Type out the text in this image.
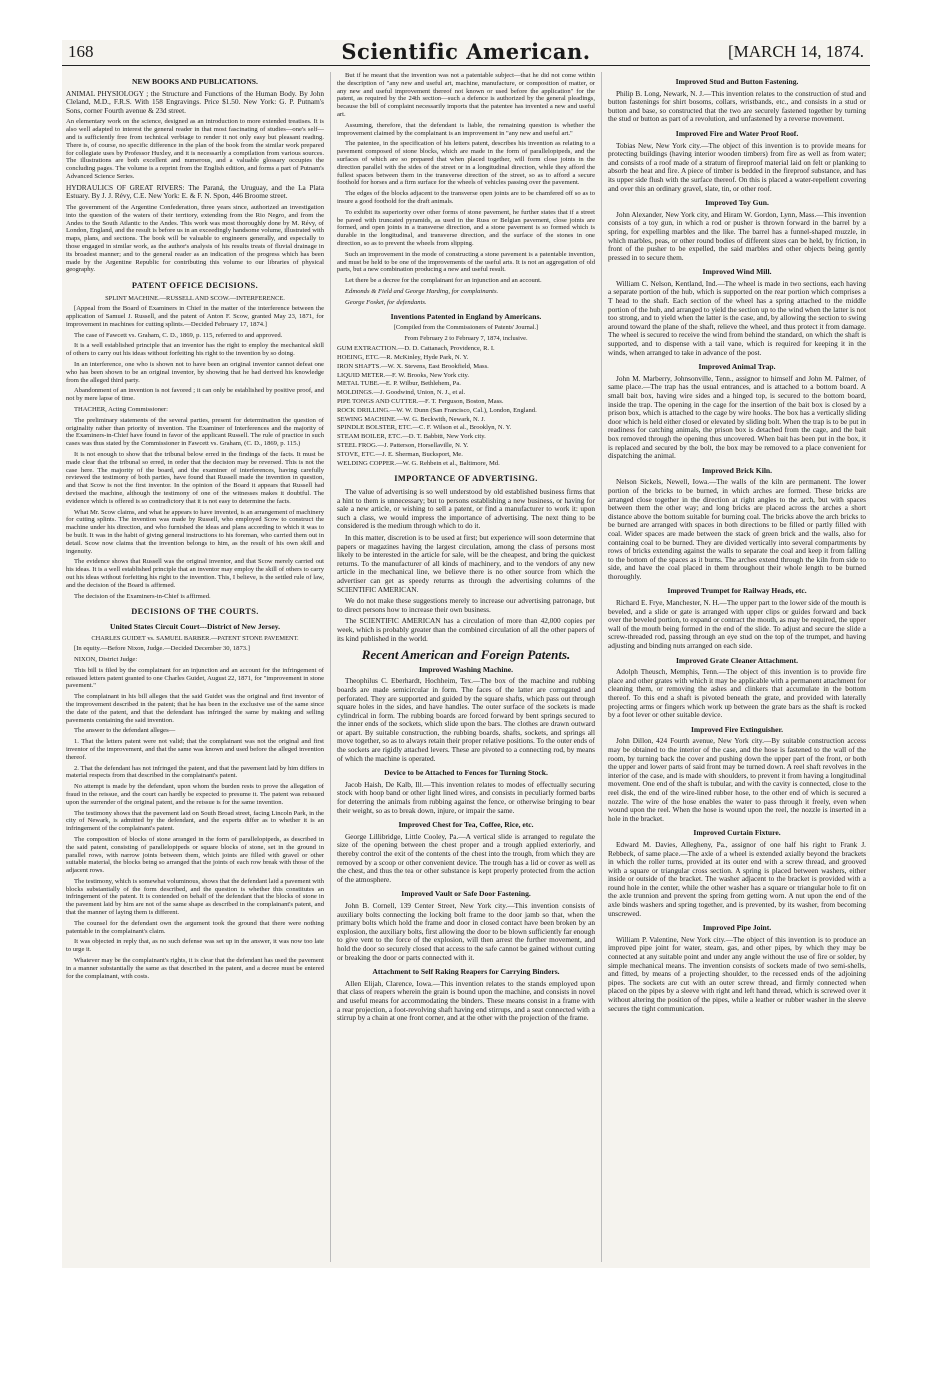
168	Scientific American.	[MARCH 14, 1874.
NEW BOOKS AND PUBLICATIONS.

ANIMAL PHYSIOLOGY ; the Structure and Functions of the Human Body. By John Cleland, M.D., F.R.S. With 158 Engravings. Price $1.50. New York: G. P. Putnam's Sons, corner Fourth avenue & 23d street.

An elementary work on the science, designed as an introduction to more extended treatises. It is also well adapted to interest the general reader in that most fascinating of studies—one's self—and is sufficiently free from technical verbiage to render it not only easy but pleasant reading. There is, of course, no specific difference in the plan of the book from the similar work prepared for collegiate uses by Professor Huxley, and it is necessarily a compilation from various sources. The illustrations are both excellent and numerous, and a valuable glossary occupies the concluding pages. The volume is a reprint from the English edition, and forms a part of Putnam's Advanced Science Series.

HYDRAULICS OF GREAT RIVERS: The Paraná, the Uruguay, and the La Plata Estuary. By J. J. Révy, C.E. New York: E. & F. N. Spon, 446 Broome street.

The government of the Argentine Confederation, three years since, authorized an investigation into the question of the waters of their territory, extending from the Rio Negro, and from the Andes to the South Atlantic to the Andes. This work was most thoroughly done by M. Révy, of London, England, and the result is before us in an exceedingly handsome volume, illustrated with maps, plans, and sections. The book will be valuable to engineers generally, and especially to those engaged in similar work, as the author's analysis of his results treats of fluvial drainage in its broadest manner; and to the general reader as an indication of the progress which has been made by the Argentine Republic for contributing this volume to our libraries of physical geography.

PATENT OFFICE DECISIONS.
SPLINT MACHINE.—RUSSELL AND SCOW.—INTERFERENCE.

[Appeal from the Board of Examiners in Chief in the matter of the interference between the application of Samuel J. Russell, and the patent of Anton F. Scow, granted May 23, 1871, for improvement in machines for cutting splints.—Decided February 17, 1874.]

The case of Fawcett vs. Graham, C. D., 1869, p. 115, referred to and approved.

It is a well established principle that an inventor has the right to employ the mechanical skill of others to carry out his ideas without forfeiting his right to the invention by so doing.

In an interference, one who is shown not to have been an original inventor cannot defeat one who has been shown to be an original inventor, by showing that he had derived his knowledge from the alleged third party.

Abandonment of an invention is not favored ; it can only be established by positive proof, and not by mere lapse of time.

THACHER, Acting Commissioner:

The preliminary statements of the several parties, present for determination the question of originality rather than priority of invention. The Examiner of Interferences and the majority of the Examiners-in-Chief have found in favor of the applicant Russell. The rule of practice in such cases was thus stated by the Commissioner in Fawcett vs. Graham, (C. D., 1869, p. 115.)

It is not enough to show that the tribunal below erred in the findings of the facts. It must be made clear that the tribunal so erred, in order that the decision may be reversed. This is not the case here. The majority of the board, and the examiner of interferences, having carefully reviewed the testimony of both parties, have found that Russell made the invention in question, and that Scow is not the first inventor. In the opinion of the Board it appears that Russell had devised the machine, although the testimony of one of the witnesses makes it doubtful. The evidence which is offered is so contradictory that it is not easy to determine the facts.

What Mr. Scow claims, and what he appears to have invented, is an arrangement of machinery for cutting splints. The invention was made by Russell, who employed Scow to construct the machine under his direction, and who furnished the ideas and plans according to which it was to be built. It was in the habit of giving general instructions to his foreman, who carried them out in detail. Scow now claims that the invention belongs to him, as the result of his own skill and ingenuity.

The evidence shows that Russell was the original inventor, and that Scow merely carried out his ideas. It is a well established principle that an inventor may employ the skill of others to carry out his ideas without forfeiting his right to the invention. This, I believe, is the settled rule of law, and the decision of the Board is affirmed.

The decision of the Examiners-in-Chief is affirmed.

DECISIONS OF THE COURTS.
United States Circuit Court---District of New Jersey.
CHARLES GUIDET vs. SAMUEL BARBER.—PATENT STONE PAVEMENT.

[In equity.—Before Nixon, Judge.—Decided December 30, 1873.]

NIXON, District Judge:

This bill is filed by the complainant for an injunction and an account for the infringement of reissued letters patent granted to one Charles Guidet, August 22, 1871, for "improvement in stone pavement."

The complainant in his bill alleges that the said Guidet was the original and first inventor of the improvement described in the patent; that he has been in the exclusive use of the same since the date of the patent, and that the defendant has infringed the same by making and selling pavements containing the said invention.

The answer to the defendant alleges—

1. That the letters patent were not valid; that the complainant was not the original and first inventor of the improvement, and that the same was known and used before the alleged invention thereof.

2. That the defendant has not infringed the patent, and that the pavement laid by him differs in material respects from that described in the complainant's patent.

No attempt is made by the defendant, upon whom the burden rests to prove the allegation of fraud in the reissue, and the court can hardly be expected to presume it. The patent was reissued upon the surrender of the original patent, and the reissue is for the same invention.

The testimony shows that the pavement laid on South Broad street, facing Lincoln Park, in the city of Newark, is admitted by the defendant, and the experts differ as to whether it is an infringement of the complainant's patent.

The composition of blocks of stone arranged in the form of parallelopipeds, as described in the said patent, consisting of parallelopipeds or square blocks of stone, set in the ground in parallel rows, with narrow joints between them, which joints are filled with gravel or other suitable material, the blocks being so arranged that the joints of each row break with those of the adjacent rows.

The testimony, which is somewhat voluminous, shows that the defendant laid a pavement with blocks substantially of the form described, and the question is whether this constitutes an infringement of the patent. It is contended on behalf of the defendant that the blocks of stone in the pavement laid by him are not of the same shape as described in the complainant's patent, and that the manner of laying them is different.

The counsel for the defendant own the argument took the ground that there were nothing patentable in the complainant's claim.

It was objected in reply that, as no such defense was set up in the answer, it was now too late to urge it.

Whatever may be the complainant's rights, it is clear that the defendant has used the pavement in a manner substantially the same as that described in the patent, and a decree must be entered for the complainant, with costs.

But if he meant that the invention was not a patentable subject—that he did not come within the description of "any new and useful art, machine, manufacture, or composition of matter, or any new and useful improvement thereof not known or used before the application" for the patent, as required by the 24th section—such a defence is authorized by the general pleadings, because the bill of complaint necessarily imports that the patentee has invented a new and useful art.

Assuming, therefore, that the defendant is liable, the remaining question is whether the improvement claimed by the complainant is an improvement in "any new and useful art."

The patentee, in the specification of his letters patent, describes his invention as relating to a pavement composed of stone blocks, which are made in the form of parallelopipeds, and the surfaces of which are so prepared that when placed together, will form close joints in the direction parallel with the sides of the street or in a longitudinal direction, while they afford the fullest spaces between them in the transverse direction of the street, so as to afford a secure foothold for horses and a firm surface for the wheels of vehicles passing over the pavement.

The edges of the blocks adjacent to the transverse open joints are to be chamfered off so as to insure a good foothold for the draft animals.

To exhibit its superiority over other forms of stone pavement, he further states that if a street be paved with truncated pyramids, as used in the Russ or Belgian pavement, close joints are formed, and open joints in a transverse direction, and a stone pavement is so formed which is durable in the longitudinal, and transverse direction, and the surface of the stones in one direction, so as to prevent the wheels from slipping.

Such an improvement in the mode of constructing a stone pavement is a patentable invention, and must be held to be one of the improvements of the useful arts. It is not an aggregation of old parts, but a new combination producing a new and useful result.

Let there be a decree for the complainant for an injunction and an account.

Edmonds & Field and George Harding, for complainants.

George Fosket, for defendants.

Inventions Patented in England by Americans.
[Compiled from the Commissioners of Patents' Journal.]
From February 2 to February 7, 1874, inclusive.

GUM EXTRACTION.—D. D. Cattanach, Providence, R. I.

HOEING, ETC.—R. McKinley, Hyde Park, N. Y.

IRON SHAFTS.—W. X. Stevens, East Brookfield, Mass.

LIQUID METER.—F. W. Brooks, New York city.

METAL TUBE.—E. P. Wilbur, Bethlehem, Pa.

MOLDINGS.—J. Goodwind, Union, N. J., et al.

PIPE TONGS AND CUTTER.—F. T. Ferguson, Boston, Mass.

ROCK DRILLING.—W. W. Dunn (San Francisco, Cal.), London, England.

SEWING MACHINE.—W. G. Beckwith, Newark, N. J.

SPINDLE BOLSTER, ETC.—C. F. Wilson et al., Brooklyn, N. Y.

STEAM BOILER, ETC.—D. T. Babbitt, New York city.

STEEL FROG.—J. Patterson, Horsellaville, N. Y.

STOVE, ETC.—J. E. Sherman, Bucksport, Me.

WELDING COPPER.—W. G. Rehbein et al., Baltimore, Md.

IMPORTANCE OF ADVERTISING.

The value of advertising is so well understood by old established business firms that a hint to them is unnecessary; but to persons establishing a new business, or having for sale a new article, or wishing to sell a patent, or find a manufacturer to work it: upon such a class, we would impress the importance of advertising. The next thing to be considered is the medium through which to do it.

In this matter, discretion is to be used at first; but experience will soon determine that papers or magazines having the largest circulation, among the class of persons most likely to be interested in the article for sale, will be the cheapest, and bring the quickest returns. To the manufacturer of all kinds of machinery, and to the vendors of any new article in the mechanical line, we believe there is no other source from which the advertiser can get as speedy returns as through the advertising columns of the SCIENTIFIC AMERICAN.

We do not make these suggestions merely to increase our advertising patronage, but to direct persons how to increase their own business.

The SCIENTIFIC AMERICAN has a circulation of more than 42,000 copies per week, which is probably greater than the combined circulation of all the other papers of its kind published in the world.

Recent American and Foreign Patents.
Improved Washing Machine.

Theophilus C. Eberhardt, Hochheim, Tex.—The box of the machine and rubbing boards are made semicircular in form. The faces of the latter are corrugated and perforated. They are supported and guided by the square shafts, which pass out through square holes in the sides, and have handles. The outer surface of the sockets is made cylindrical in form. The rubbing boards are forced forward by bent springs secured to the inner ends of the sockets, which slide upon the bars. The clothes are drawn outward or apart. By suitable construction, the rubbing boards, shafts, sockets, and springs all move together, so as to always retain their proper relative positions. To the outer ends of the sockets are rigidly attached levers. These are pivoted to a connecting rod, by means of which the machine is operated.

Device to be Attached to Fences for Turning Stock.

Jacob Haish, De Kalb, Ill.—This invention relates to modes of effectually securing stock with hoop band or other light lined wires, and consists in peculiarly formed barbs for deterring the animals from rubbing against the fence, or otherwise bringing to bear their weight, so as to break down, injure, or impair the same.

Improved Chest for Tea, Coffee, Rice, etc.

George Lillibridge, Little Cooley, Pa.—A vertical slide is arranged to regulate the size of the opening between the chest proper and a trough applied exteriorly, and thereby control the exit of the contents of the chest into the trough, from which they are removed by a scoop or other convenient device. The trough has a lid or cover as well as the chest, and thus the tea or other substance is kept properly protected from the action of the atmosphere.

Improved Vault or Safe Door Fastening.

John B. Cornell, 139 Center Street, New York city.—This invention consists of auxiliary bolts connecting the locking bolt frame to the door jamb so that, when the primary bolts which hold the frame and door in closed contact have been broken by an explosion, the auxiliary bolts, first allowing the door to be blown sufficiently far enough to give vent to the force of the explosion, will then arrest the further movement, and hold the door so securely closed that access to the safe cannot be gained without cutting or breaking the door or parts connected with it.

Attachment to Self Raking Reapers for Carrying Binders.

Allen Elijah, Clarence, Iowa.—This invention relates to the stands employed upon that class of reapers wherein the grain is bound upon the machine, and consists in novel and useful means for accommodating the binders. These means consist in a frame with a rear projection, a foot-revolving shaft having end stirrups, and a seat connected with a stirrup by a chain at one front corner, and at the other with the projection of the frame.

Improved Stud and Button Fastening.

Philip B. Long, Newark, N. J.—This invention relates to the construction of stud and button fastenings for shirt bosoms, collars, wristbands, etc., and consists in a stud or button and base, so constructed that the two are securely fastened together by turning the stud or button as part of a revolution, and unfastened by a reverse movement.

Improved Fire and Water Proof Roof.

Tobias New, New York city.—The object of this invention is to provide means for protecting buildings (having interior wooden timbers) from fire as well as from water; and consists of a roof made of a stratum of fireproof material laid on felt or planking to absorb the heat and fire. A piece of timber is bedded in the fireproof substance, and has its upper side flush with the surface thereof. On this is placed a water-repellent covering and over this an ordinary gravel, slate, tin, or other roof.

Improved Toy Gun.

John Alexander, New York city, and Hiram W. Gordon, Lynn, Mass.—This invention consists of a toy gun, in which a rod or pusher is thrown forward in the barrel by a spring, for expelling marbles and the like. The barrel has a funnel-shaped muzzle, in which marbles, peas, or other round bodies of different sizes can be held, by friction, in front of the pusher to be expelled, the said marbles and other objects being gently pressed in to secure them.

Improved Wind Mill.

William C. Nelson, Kentland, Ind.—The wheel is made in two sections, each having a separate portion of the hub, which is supported on the rear portion which comprises a T head to the shaft. Each section of the wheel has a spring attached to the middle portion of the hub, and arranged to yield the section up to the wind when the latter is not too strong, and to yield when the latter is the case, and, by allowing the section to swing around toward the plane of the shaft, relieve the wheel, and thus protect it from damage. The wheel is secured to receive the wind from behind the standard, on which the shaft is supported, and to dispense with a tail vane, which is required for keeping it in the winds, when arranged to take in advance of the post.

Improved Animal Trap.

John M. Marberry, Johnsonville, Tenn., assignor to himself and John M. Palmer, of same place.—The trap has the usual entrances, and is attached to a bottom board. A small bait box, having wire sides and a hinged top, is secured to the bottom board, inside the trap. The opening in the cage for the insertion of the bait box is closed by a prison box, which is attached to the cage by wire hooks. The box has a vertically sliding door which is held either closed or elevated by sliding bolt. When the trap is to be put in readiness for catching animals, the prison box is detached from the cage, and the bait box removed through the opening thus uncovered. When bait has been put in the box, it is replaced and secured by the bolt, the box may be removed to a place convenient for dispatching the animal.

Improved Brick Kiln.

Nelson Sickels, Newell, Iowa.—The walls of the kiln are permanent. The lower portion of the bricks to be burned, in which arches are formed. These bricks are arranged close together in the direction at right angles to the arch, but with spaces between them the other way; and long bricks are placed across the arches a short distance above the bottom suitable for burning coal. The bricks above the arch bricks to be burned are arranged with spaces in both directions to be filled or partly filled with coal. Wider spaces are made between the stack of green brick and the walls, also for containing coal to be burned. They are divided vertically into several compartments by rows of bricks extending against the walls to separate the coal and keep it from falling to the bottom of the spaces as it burns. The arches extend through the kiln from side to side, and have the coal placed in them throughout their whole length to be burned thoroughly.

Improved Trumpet for Railway Heads, etc.

Richard E. Frye, Manchester, N. H.—The upper part to the lower side of the mouth is beveled, and a slide or gate is arranged with upper clips or guides forward and back over the beveled portion, to expand or contract the mouth, as may be required, the upper wall of the mouth being formed in the end of the slide. To adjust and secure the slide a screw-threaded rod, passing through an eye stud on the top of the trumpet, and having adjusting and binding nuts arranged on each side.

Improved Grate Cleaner Attachment.

Adolph Theusch, Memphis, Tenn.—The object of this invention is to provide fire place and other grates with which it may be applicable with a permanent attachment for cleaning them, or removing the ashes and clinkers that accumulate in the bottom thereof. To this end a shaft is pivoted beneath the grate, and provided with laterally projecting arms or fingers which work up between the grate bars as the shaft is rocked by a foot lever or other suitable device.

Improved Fire Extinguisher.

John Dillon, 424 Fourth avenue, New York city.—By suitable construction access may be obtained to the interior of the case, and the hose is fastened to the wall of the room, by turning back the cover and pushing down the upper part of the front, or both the upper and lower parts of said front may be turned down. A reel shaft revolves in the interior of the case, and is made with shoulders, to prevent it from having a longitudinal movement. One end of the shaft is tubular, and with the cavity is connected, close to the reel disk, the end of the wire-lined rubber hose, to the other end of which is secured a nozzle. The wire of the hose enables the water to pass through it freely, even when wound upon the reel. When the hose is wound upon the reel, the nozzle is inserted in a hole in the bracket.

Improved Curtain Fixture.

Edward M. Davies, Allegheny, Pa., assignor of one half his right to Frank J. Rebbeck, of same place.—The axle of a wheel is extended axially beyond the brackets in which the roller turns, provided at its outer end with a screw thread, and grooved with a square or triangular cross section. A spring is placed between washers, either inside or outside of the bracket. The washer adjacent to the bracket is provided with a round hole in the center, while the other washer has a square or triangular hole to fit on the axle trunnion and prevent the spring from getting worn. A nut upon the end of the axle binds washers and spring together, and is prevented, by its washer, from becoming unscrewed.

Improved Pipe Joint.

William P. Valentine, New York city.—The object of this invention is to produce an improved pipe joint for water, steam, gas, and other pipes, by which they may be connected at any suitable point and under any angle without the use of fire or solder, by simple mechanical means. The invention consists of sockets made of two semi-shells, and fitted, by means of a projecting shoulder, to the recessed ends of the adjoining pipes. The sockets are cut with an outer screw thread, and firmly connected when placed on the pipes by a sleeve with right and left hand thread, which is screwed over it without altering the position of the pipes, while a leather or rubber washer in the sleeve secures the tight communication.
